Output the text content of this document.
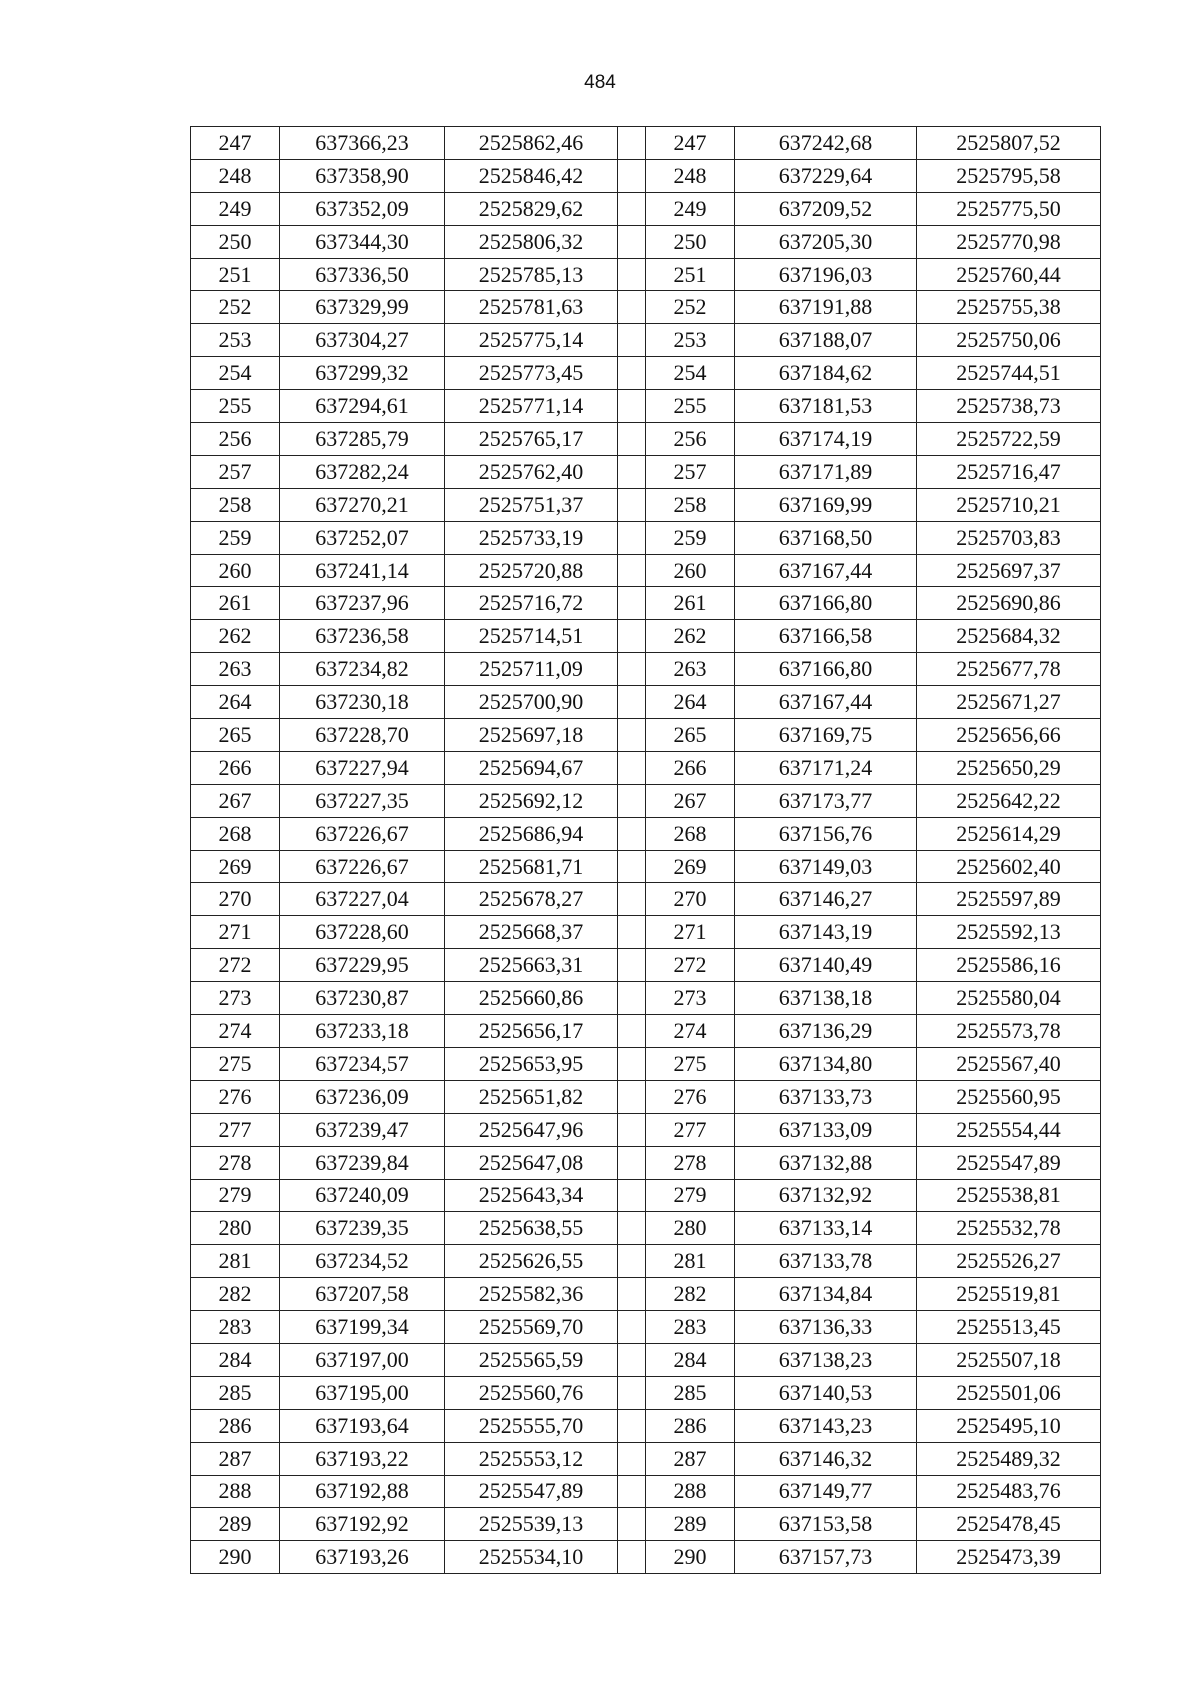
484
247	637366,23	2525862,46		247	637242,68	2525807,52
248	637358,90	2525846,42		248	637229,64	2525795,58
249	637352,09	2525829,62		249	637209,52	2525775,50
250	637344,30	2525806,32		250	637205,30	2525770,98
251	637336,50	2525785,13		251	637196,03	2525760,44
252	637329,99	2525781,63		252	637191,88	2525755,38
253	637304,27	2525775,14		253	637188,07	2525750,06
254	637299,32	2525773,45		254	637184,62	2525744,51
255	637294,61	2525771,14		255	637181,53	2525738,73
256	637285,79	2525765,17		256	637174,19	2525722,59
257	637282,24	2525762,40		257	637171,89	2525716,47
258	637270,21	2525751,37		258	637169,99	2525710,21
259	637252,07	2525733,19		259	637168,50	2525703,83
260	637241,14	2525720,88		260	637167,44	2525697,37
261	637237,96	2525716,72		261	637166,80	2525690,86
262	637236,58	2525714,51		262	637166,58	2525684,32
263	637234,82	2525711,09		263	637166,80	2525677,78
264	637230,18	2525700,90		264	637167,44	2525671,27
265	637228,70	2525697,18		265	637169,75	2525656,66
266	637227,94	2525694,67		266	637171,24	2525650,29
267	637227,35	2525692,12		267	637173,77	2525642,22
268	637226,67	2525686,94		268	637156,76	2525614,29
269	637226,67	2525681,71		269	637149,03	2525602,40
270	637227,04	2525678,27		270	637146,27	2525597,89
271	637228,60	2525668,37		271	637143,19	2525592,13
272	637229,95	2525663,31		272	637140,49	2525586,16
273	637230,87	2525660,86		273	637138,18	2525580,04
274	637233,18	2525656,17		274	637136,29	2525573,78
275	637234,57	2525653,95		275	637134,80	2525567,40
276	637236,09	2525651,82		276	637133,73	2525560,95
277	637239,47	2525647,96		277	637133,09	2525554,44
278	637239,84	2525647,08		278	637132,88	2525547,89
279	637240,09	2525643,34		279	637132,92	2525538,81
280	637239,35	2525638,55		280	637133,14	2525532,78
281	637234,52	2525626,55		281	637133,78	2525526,27
282	637207,58	2525582,36		282	637134,84	2525519,81
283	637199,34	2525569,70		283	637136,33	2525513,45
284	637197,00	2525565,59		284	637138,23	2525507,18
285	637195,00	2525560,76		285	637140,53	2525501,06
286	637193,64	2525555,70		286	637143,23	2525495,10
287	637193,22	2525553,12		287	637146,32	2525489,32
288	637192,88	2525547,89		288	637149,77	2525483,76
289	637192,92	2525539,13		289	637153,58	2525478,45
290	637193,26	2525534,10		290	637157,73	2525473,39
